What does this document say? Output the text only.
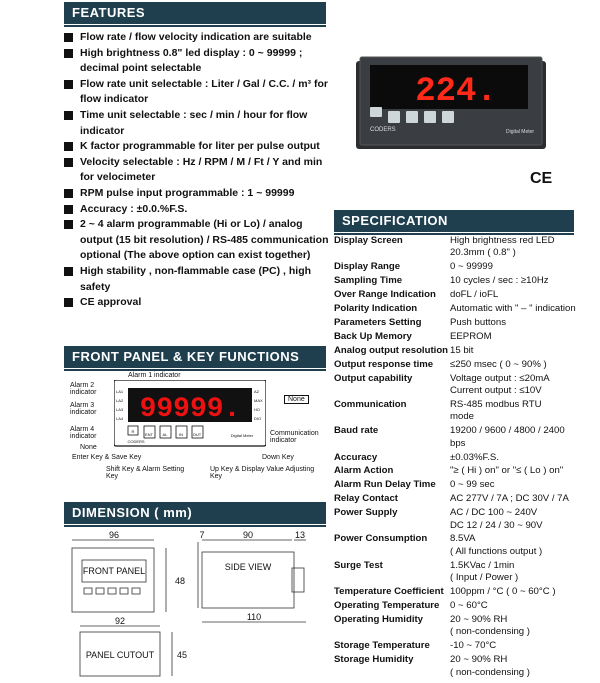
FEATURES
Flow rate / flow velocity indication are suitable
High brightness 0.8" led display : 0 ~ 99999 ; decimal point selectable
Flow rate unit selectable : Liter / Gal / C.C. / m³ for flow indicator
Time unit selectable : sec / min / hour for flow indicator
K factor programmable for liter per pulse output
Velocity selectable : Hz / RPM / M / Ft / Y and min for velocimeter
RPM pulse input programmable : 1 ~ 99999
Accuracy : ±0.0.%F.S.
2 ~ 4 alarm programmable (Hi or Lo) / analog output (15 bit resolution) / RS-485 communication optional (The above option can exist together)
High stability , non-flammable case (PC) , high safety
CE approval
224.
CODERS	Digital Meter
CE
FRONT PANEL & KEY FUNCTIONS
Alarm 1 indicator
Alarm 2 indicator
Alarm 3 indicator
Alarm 4 indicator
None
None
Communication indicator
99999.
LA1
LA2
LA3
LA4
AZ
MAX
HO
DIO
R
ENT AL	IN OUT
CODERS
Digital Meter
Enter Key & Save Key
Shift Key & Alarm Setting Key
Up Key & Display Value Adjusting Key
Down Key
DIMENSION ( mm)
96
FRONT PANEL
48
7	90	13
SIDE VIEW
110
92
PANEL CUTOUT	45
SPECIFICATION
Display Screen	High brightness red LED
20.3mm ( 0.8" )
Display Range	0 ~ 99999
Sampling Time	10 cycles / sec : ≥10Hz
Over Range Indication	doFL / ioFL
Polarity Indication	Automatic with " – " indication
Parameters Setting	Push buttons
Back Up Memory	EEPROM
Analog output resolution 15 bit
Output response time	≤250 msec ( 0 ~ 90% )
Output capability	Voltage output : ≤20mA
Current output : ≤10V
Communication	RS-485 modbus RTU
mode
Baud rate	19200 / 9600 / 4800 / 2400
bps
Accuracy	±0.03%F.S.
Alarm Action	"≥ ( Hi ) on" or "≤ ( Lo ) on"
Alarm Run Delay Time	0 ~ 99 sec
Relay Contact	AC 277V / 7A ; DC 30V / 7A
Power Supply	AC / DC 100 ~ 240V
DC 12 / 24 / 30 ~ 90V
Power Consumption	8.5VA
( All functions output )
Surge Test	1.5KVac / 1min
( Input / Power )
Temperature Coefficient 100ppm / °C ( 0 ~ 60°C )
Operating Temperature	0 ~ 60°C
Operating Humidity	20 ~ 90% RH
( non-condensing )
Storage Temperature	-10 ~ 70°C
Storage Humidity	20 ~ 90% RH
( non-condensing )
